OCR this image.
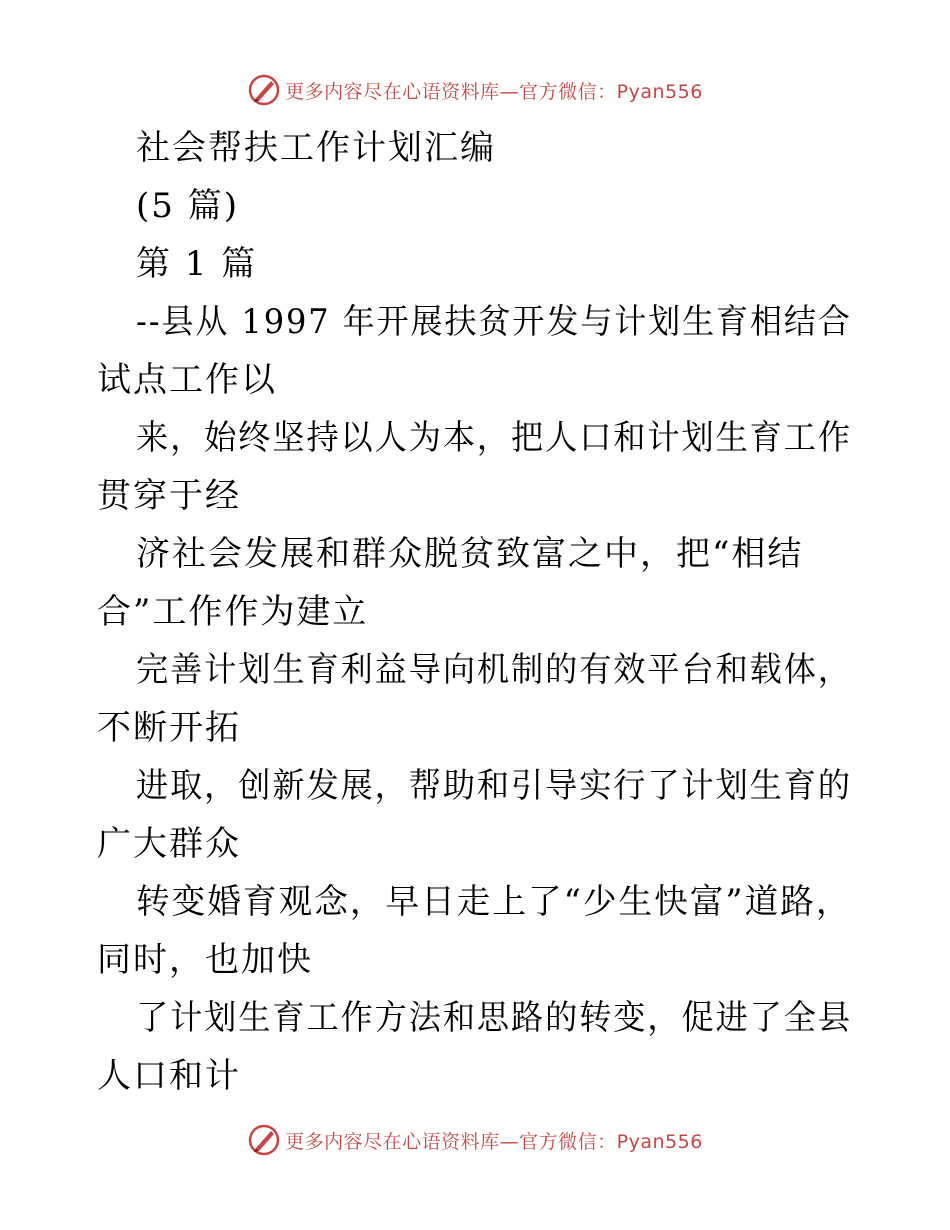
更多内容尽在心语资料库—官方微信：Pyan556
社会帮扶工作计划汇编
(5 篇)
第 1 篇
--县从 1997 年开展扶贫开发与计划生育相结合
试点工作以
来，始终坚持以人为本，把人口和计划生育工作
贯穿于经
济社会发展和群众脱贫致富之中，把“相结
合”工作作为建立
完善计划生育利益导向机制的有效平台和载体，
不断开拓
进取，创新发展，帮助和引导实行了计划生育的
广大群众
转变婚育观念，早日走上了“少生快富”道路，
同时，也加快
了计划生育工作方法和思路的转变，促进了全县
人口和计
更多内容尽在心语资料库—官方微信：Pyan556
